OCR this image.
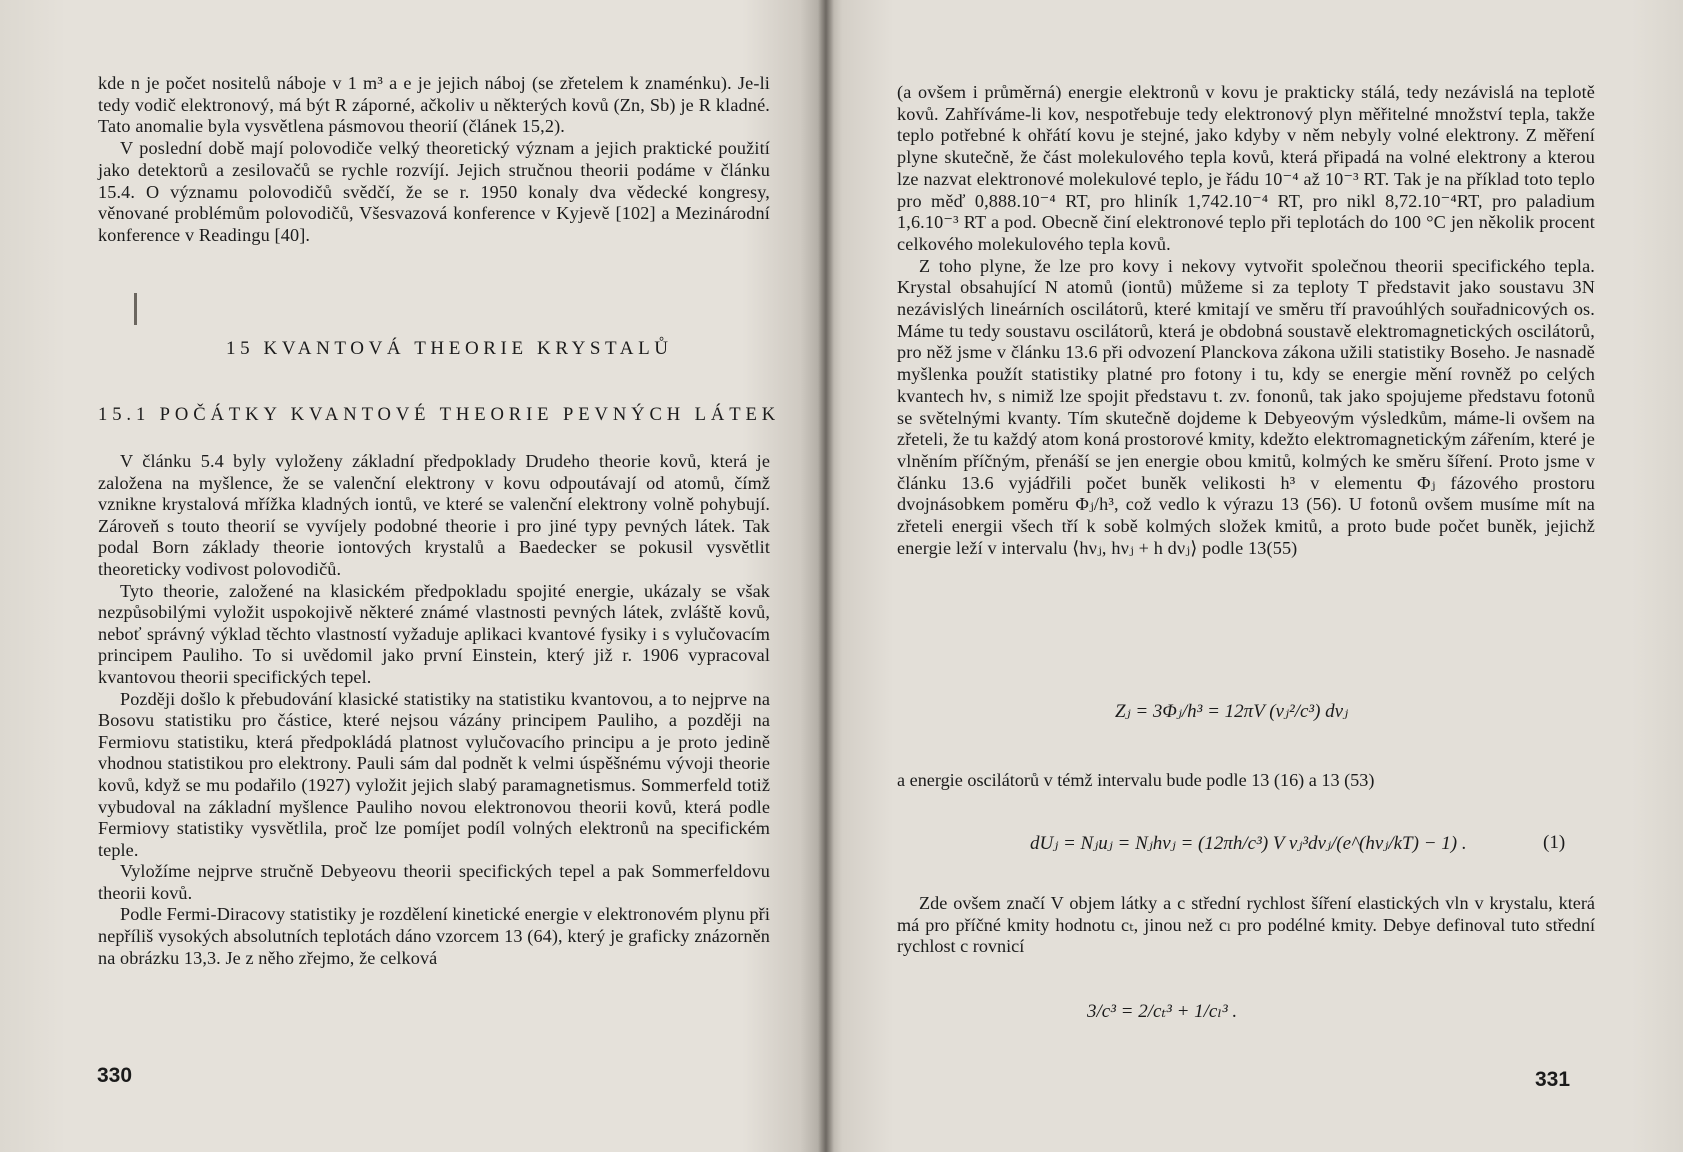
kde n je počet nositelů náboje v 1 m³ a e je jejich náboj (se zřetelem k znaménku). Je-li tedy vodič elektronový, má být R záporné, ačkoliv u některých kovů (Zn, Sb) je R kladné. Tato anomalie byla vysvětlena pásmovou theorií (článek 15,2).

V poslední době mají polovodiče velký theoretický význam a jejich praktické použití jako detektorů a zesilovačů se rychle rozvíjí. Jejich stručnou theorii podáme v článku 15.4. O významu polovodičů svědčí, že se r. 1950 konaly dva vědecké kongresy, věnované problémům polovodičů, Všesvazová konference v Kyjevě [102] a Mezinárodní konference v Readingu [40].

15 KVANTOVÁ THEORIE KRYSTALŮ
15.1 POČÁTKY KVANTOVÉ THEORIE PEVNÝCH LÁTEK

V článku 5.4 byly vyloženy základní předpoklady Drudeho theorie kovů, která je založena na myšlence, že se valenční elektrony v kovu odpoutávají od atomů, čímž vznikne krystalová mřížka kladných iontů, ve které se valenční elektrony volně pohybují. Zároveň s touto theorií se vyvíjely podobné theorie i pro jiné typy pevných látek. Tak podal Born základy theorie iontových krystalů a Baedecker se pokusil vysvětlit theoreticky vodivost polovodičů.

Tyto theorie, založené na klasickém předpokladu spojité energie, ukázaly se však nezpůsobilými vyložit uspokojivě některé známé vlastnosti pevných látek, zvláště kovů, neboť správný výklad těchto vlastností vyžaduje aplikaci kvantové fysiky i s vylučovacím principem Pauliho. To si uvědomil jako první Einstein, který již r. 1906 vypracoval kvantovou theorii specifických tepel.

Později došlo k přebudování klasické statistiky na statistiku kvantovou, a to nejprve na Bosovu statistiku pro částice, které nejsou vázány principem Pauliho, a později na Fermiovu statistiku, která předpokládá platnost vylučovacího principu a je proto jedině vhodnou statistikou pro elektrony. Pauli sám dal podnět k velmi úspěšnému vývoji theorie kovů, když se mu podařilo (1927) vyložit jejich slabý paramagnetismus. Sommerfeld totiž vybudoval na základní myšlence Pauliho novou elektronovou theorii kovů, která podle Fermiovy statistiky vysvětlila, proč lze pomíjet podíl volných elektronů na specifickém teple.

Vyložíme nejprve stručně Debyeovu theorii specifických tepel a pak Sommerfeldovu theorii kovů.

Podle Fermi-Diracovy statistiky je rozdělení kinetické energie v elektronovém plynu při nepříliš vysokých absolutních teplotách dáno vzorcem 13 (64), který je graficky znázorněn na obrázku 13,3. Je z něho zřejmo, že celková

330

(a ovšem i průměrná) energie elektronů v kovu je prakticky stálá, tedy nezávislá na teplotě kovů. Zahříváme-li kov, nespotřebuje tedy elektronový plyn měřitelné množství tepla, takže teplo potřebné k ohřátí kovu je stejné, jako kdyby v něm nebyly volné elektrony. Z měření plyne skutečně, že část molekulového tepla kovů, která připadá na volné elektrony a kterou lze nazvat elektronové molekulové teplo, je řádu 10⁻⁴ až 10⁻³ RT. Tak je na příklad toto teplo pro měď 0,888.10⁻⁴ RT, pro hliník 1,742.10⁻⁴ RT, pro nikl 8,72.10⁻⁴RT, pro paladium 1,6.10⁻³ RT a pod. Obecně činí elektronové teplo při teplotách do 100 °C jen několik procent celkového molekulového tepla kovů.

Z toho plyne, že lze pro kovy i nekovy vytvořit společnou theorii specifického tepla. Krystal obsahující N atomů (iontů) můžeme si za teploty T představit jako soustavu 3N nezávislých lineárních oscilátorů, které kmitají ve směru tří pravoúhlých souřadnicových os. Máme tu tedy soustavu oscilátorů, která je obdobná soustavě elektromagnetických oscilátorů, pro něž jsme v článku 13.6 při odvození Planckova zákona užili statistiky Boseho. Je nasnadě myšlenka použít statistiky platné pro fotony i tu, kdy se energie mění rovněž po celých kvantech hν, s nimiž lze spojit představu t. zv. fononů, tak jako spojujeme představu fotonů se světelnými kvanty. Tím skutečně dojdeme k Debyeovým výsledkům, máme-li ovšem na zřeteli, že tu každý atom koná prostorové kmity, kdežto elektromagnetickým zářením, které je vlněním příčným, přenáší se jen energie obou kmitů, kolmých ke směru šíření. Proto jsme v článku 13.6 vyjádřili počet buněk velikosti h³ v elementu Φⱼ fázového prostoru dvojnásobkem poměru Φⱼ/h³, což vedlo k výrazu 13 (56). U fotonů ovšem musíme mít na zřeteli energii všech tří k sobě kolmých složek kmitů, a proto bude počet buněk, jejichž energie leží v intervalu ⟨hνⱼ, hνⱼ + h dνⱼ⟩ podle 13(55)

Zⱼ = 3Φⱼ/h³ = 12πV (νⱼ²/c³) dνⱼ
a energie oscilátorů v témž intervalu bude podle 13 (16) a 13 (53)
dUⱼ = Nⱼuⱼ = Nⱼhνⱼ = (12πh/c³) V νⱼ³dνⱼ/(e^(hνⱼ/kT) − 1) .	(1)
Zde ovšem značí V objem látky a c střední rychlost šíření elastických vln v krystalu, která má pro příčné kmity hodnotu cₜ, jinou než cₗ pro podélné kmity. Debye definoval tuto střední rychlost c rovnicí
3/c³ = 2/cₜ³ + 1/cₗ³ .
331
